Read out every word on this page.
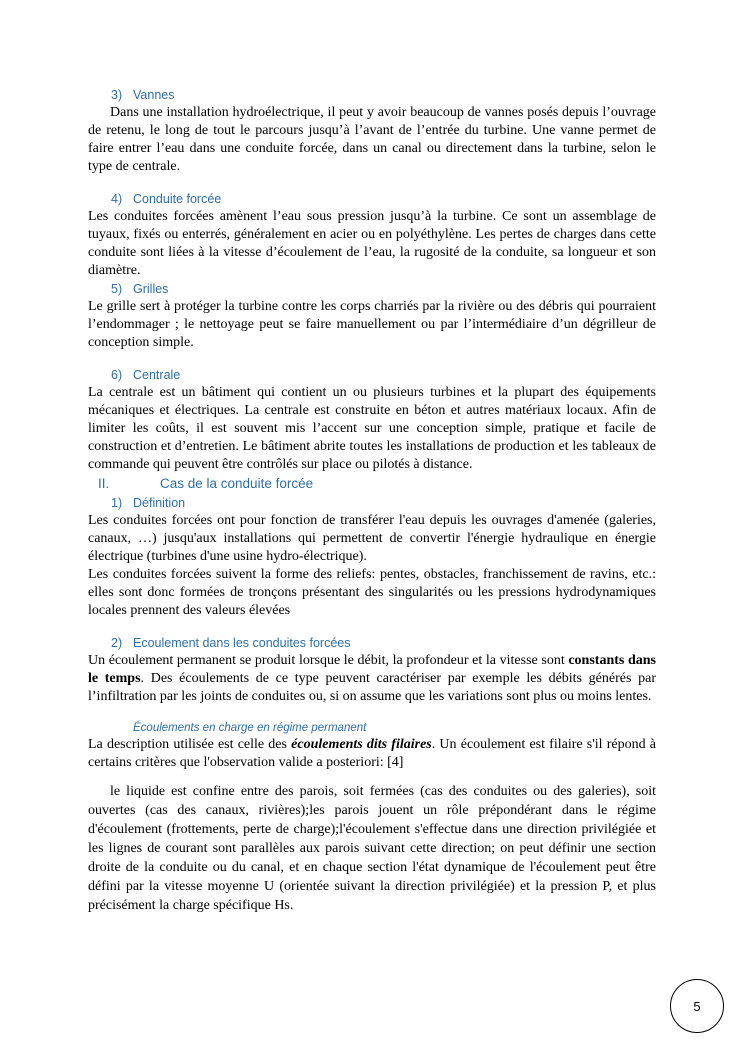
3) Vannes

Dans une installation hydroélectrique, il peut y avoir beaucoup de vannes posés depuis l’ouvrage de retenu, le long de tout le parcours jusqu’à l’avant de l’entrée du turbine. Une vanne permet de faire entrer l’eau dans une conduite forcée, dans un canal ou directement dans la turbine, selon le type de centrale.

4) Conduite forcée

Les conduites forcées amènent l’eau sous pression jusqu’à la turbine. Ce sont un assemblage de tuyaux, fixés ou enterrés, généralement en acier ou en polyéthylène. Les pertes de charges dans cette conduite sont liées à la vitesse d’écoulement de l’eau, la rugosité de la conduite, sa longueur et son diamètre.

5) Grilles

Le grille sert à protéger la turbine contre les corps charriés par la rivière ou des débris qui pourraient l’endommager ; le nettoyage peut se faire manuellement ou par l’intermédiaire d’un dégrilleur de conception simple.

6) Centrale

La centrale est un bâtiment qui contient un ou plusieurs turbines et la plupart des équipements mécaniques et électriques. La centrale est construite en béton et autres matériaux locaux. Afin de limiter les coûts, il est souvent mis l’accent sur une conception simple, pratique et facile de construction et d’entretien. Le bâtiment abrite toutes les installations de production et les tableaux de commande qui peuvent être contrôlés sur place ou pilotés à distance.

II.	Cas de la conduite forcée
1) Définition

Les conduites forcées ont pour fonction de transférer l'eau depuis les ouvrages d'amenée (galeries, canaux, …) jusqu'aux installations qui permettent de convertir l'énergie hydraulique en énergie électrique (turbines d'une usine hydro-électrique).

Les conduites forcées suivent la forme des reliefs: pentes, obstacles, franchissement de ravins, etc.: elles sont donc formées de tronçons présentant des singularités ou les pressions hydrodynamiques locales prennent des valeurs élevées

2) Ecoulement dans les conduites forcées

Un écoulement permanent se produit lorsque le débit, la profondeur et la vitesse sont constants dans le temps. Des écoulements de ce type peuvent caractériser par exemple les débits générés par l’infiltration par les joints de conduites ou, si on assume que les variations sont plus ou moins lentes.

Écoulements en charge en régime permanent

La description utilisée est celle des écoulements dits filaires. Un écoulement est filaire s'il répond à certains critères que l'observation valide a posteriori: [4]

le liquide est confine entre des parois, soit fermées (cas des conduites ou des galeries), soit ouvertes (cas des canaux, rivières);les parois jouent un rôle prépondérant dans le régime d'écoulement (frottements, perte de charge);l'écoulement s'effectue dans une direction privilégiée et les lignes de courant sont parallèles aux parois suivant cette direction; on peut définir une section droite de la conduite ou du canal, et en chaque section l'état dynamique de l'écoulement peut être défini par la vitesse moyenne U (orientée suivant la direction privilégiée) et la pression P, et plus précisément la charge spécifique Hs.

5
